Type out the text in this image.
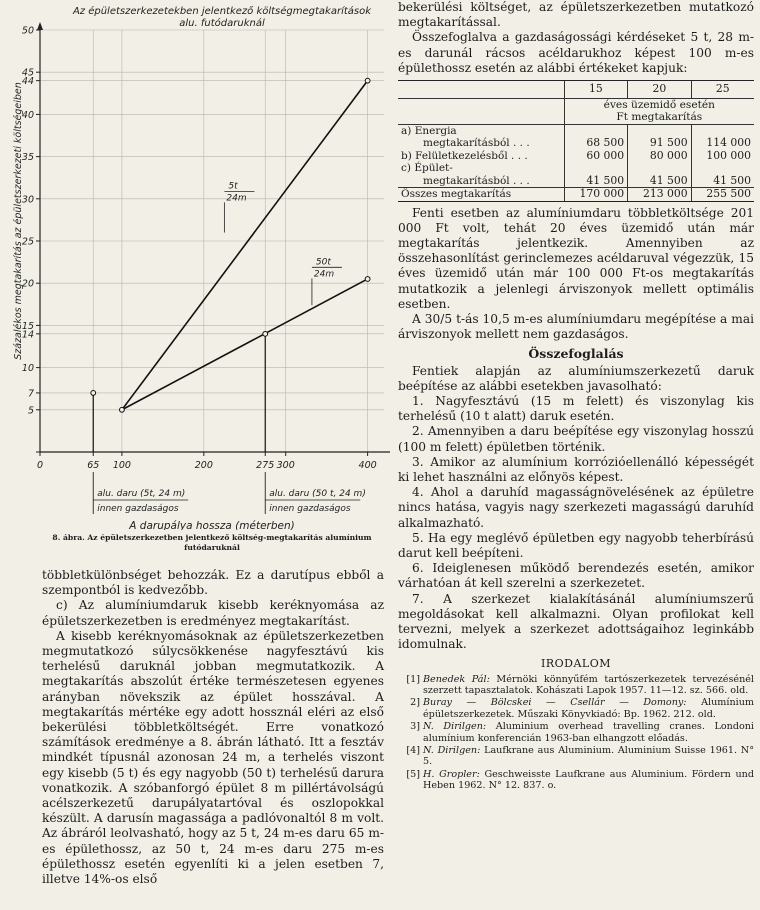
5
7
10
14
15
20
25
30
35
40
44
45
50
0	65 100	200	275 300	400
Az épületszerkezetekben jelentkező költségmegtakarítások
alu. futódaruknál
Százalékos megtakarítás az épületszerkezeti költségeiben	5t
24m
50t
24m
alu. daru (5t, 24 m)
innen gazdaságos
alu. daru (50 t, 24 m)
innen gazdaságos
A darupálya hossza (méterben)
8. ábra. Az épületszerkezetben jelentkező költség-megtakarítás alumínium futódaruknál

többletkülönbséget behozzák. Ez a darutípus ebből a szempontból is kedvezőbb.

c) Az alumíniumdaruk kisebb keréknyomása az épületszerkezetben is eredményez megtakarítást.

A kisebb keréknyomásoknak az épületszerkezetben megmutatkozó súlycsökkenése nagyfesztávú kis terhelésű daruknál jobban megmutatkozik. A megtakarítás abszolút értéke természetesen egyenes arányban növekszik az épület hosszával. A megtakarítás mértéke egy adott hossznál eléri az első bekerülési többletköltségét. Erre vonatkozó számítások eredménye a 8. ábrán látható. Itt a fesztáv mindkét típusnál azonosan 24 m, a terhelés viszont egy kisebb (5 t) és egy nagyobb (50 t) terhelésű darura vonatkozik. A szóbanforgó épület 8 m pillértávolságú acélszerkezetű darupályatartóval és oszlopokkal készült. A darusín magassága a padlóvonaltól 8 m volt. Az ábráról leolvasható, hogy az 5 t, 24 m-es daru 65 m-es épülethossz, az 50 t, 24 m-es daru 275 m-es épülethossz esetén egyenlíti ki a jelen esetben 7, illetve 14%-os első

bekerülési költséget, az épületszerkezetben mutatkozó megtakarítással.

Összefoglalva a gazdaságossági kérdéseket 5 t, 28 m-es darunál rácsos acéldarukhoz képest 100 m-es épülethossz esetén az alábbi értékeket kapjuk:

	15	20	25

	éves üzemidő esetén
Ft megtakarítás		

a) Energia
megtakarításból . . .	68 500	91 500	114 000
b) Felületkezelésből . . .	60 000	80 000	100 000

c) Épület-
megtakarításból . . .	41 500	41 500	41 500
Összes megtakarítás	170 000	213 000	255 500

Fenti esetben az alumíniumdaru többletköltsége 201 000 Ft volt, tehát 20 éves üzemidő után már megtakarítás jelentkezik. Amennyiben az összehasonlítást gerinclemezes acéldaruval végezzük, 15 éves üzemidő után már 100 000 Ft-os megtakarítás mutatkozik a jelenlegi árviszonyok mellett optimális esetben.

A 30/5 t-ás 10,5 m-es alumíniumdaru megépítése a mai árviszonyok mellett nem gazdaságos.

Összefoglalás

Fentiek alapján az alumíniumszerkezetű daruk beépítése az alábbi esetekben javasolható:

1. Nagyfesztávú (15 m felett) és viszonylag kis terhelésű (10 t alatt) daruk esetén.

2. Amennyiben a daru beépítése egy viszonylag hosszú (100 m felett) épületben történik.

3. Amikor az alumínium korrózióellenálló képességét ki lehet használni az előnyös képest.

4. Ahol a daruhíd magasságnövelésének az épületre nincs hatása, vagyis nagy szerkezeti magasságú daruhíd alkalmazható.

5. Ha egy meglévő épületben egy nagyobb teherbírású darut kell beépíteni.

6. Ideiglenesen működő berendezés esetén, amikor várhatóan át kell szerelni a szerkezetet.

7. A szerkezet kialakításánál alumíniumszerű megoldásokat kell alkalmazni. Olyan profilokat kell tervezni, melyek a szerkezet adottságaihoz leginkább idomulnak.

IRODALOM
[1] Benedek Pál: Mérnöki könnyűfém tartószerkezetek tervezésénél szerzett tapasztalatok. Kohászati Lapok 1957. 11—12. sz. 566. old.
2] Buray — Bölcskei — Csellár — Domony: Alumínium épületszerkezetek. Műszaki Könyvkiadó: Bp. 1962. 212. old.
3] N. Dirilgen: Aluminium overhead travelling cranes. Londoni alumínium konferencián 1963-ban elhangzott előadás.
[4] N. Dirilgen: Laufkrane aus Aluminium. Aluminium Suisse 1961. N° 5.
[5] H. Gropler: Geschweisste Laufkrane aus Aluminium. Fördern und Heben 1962. N° 12. 837. o.
